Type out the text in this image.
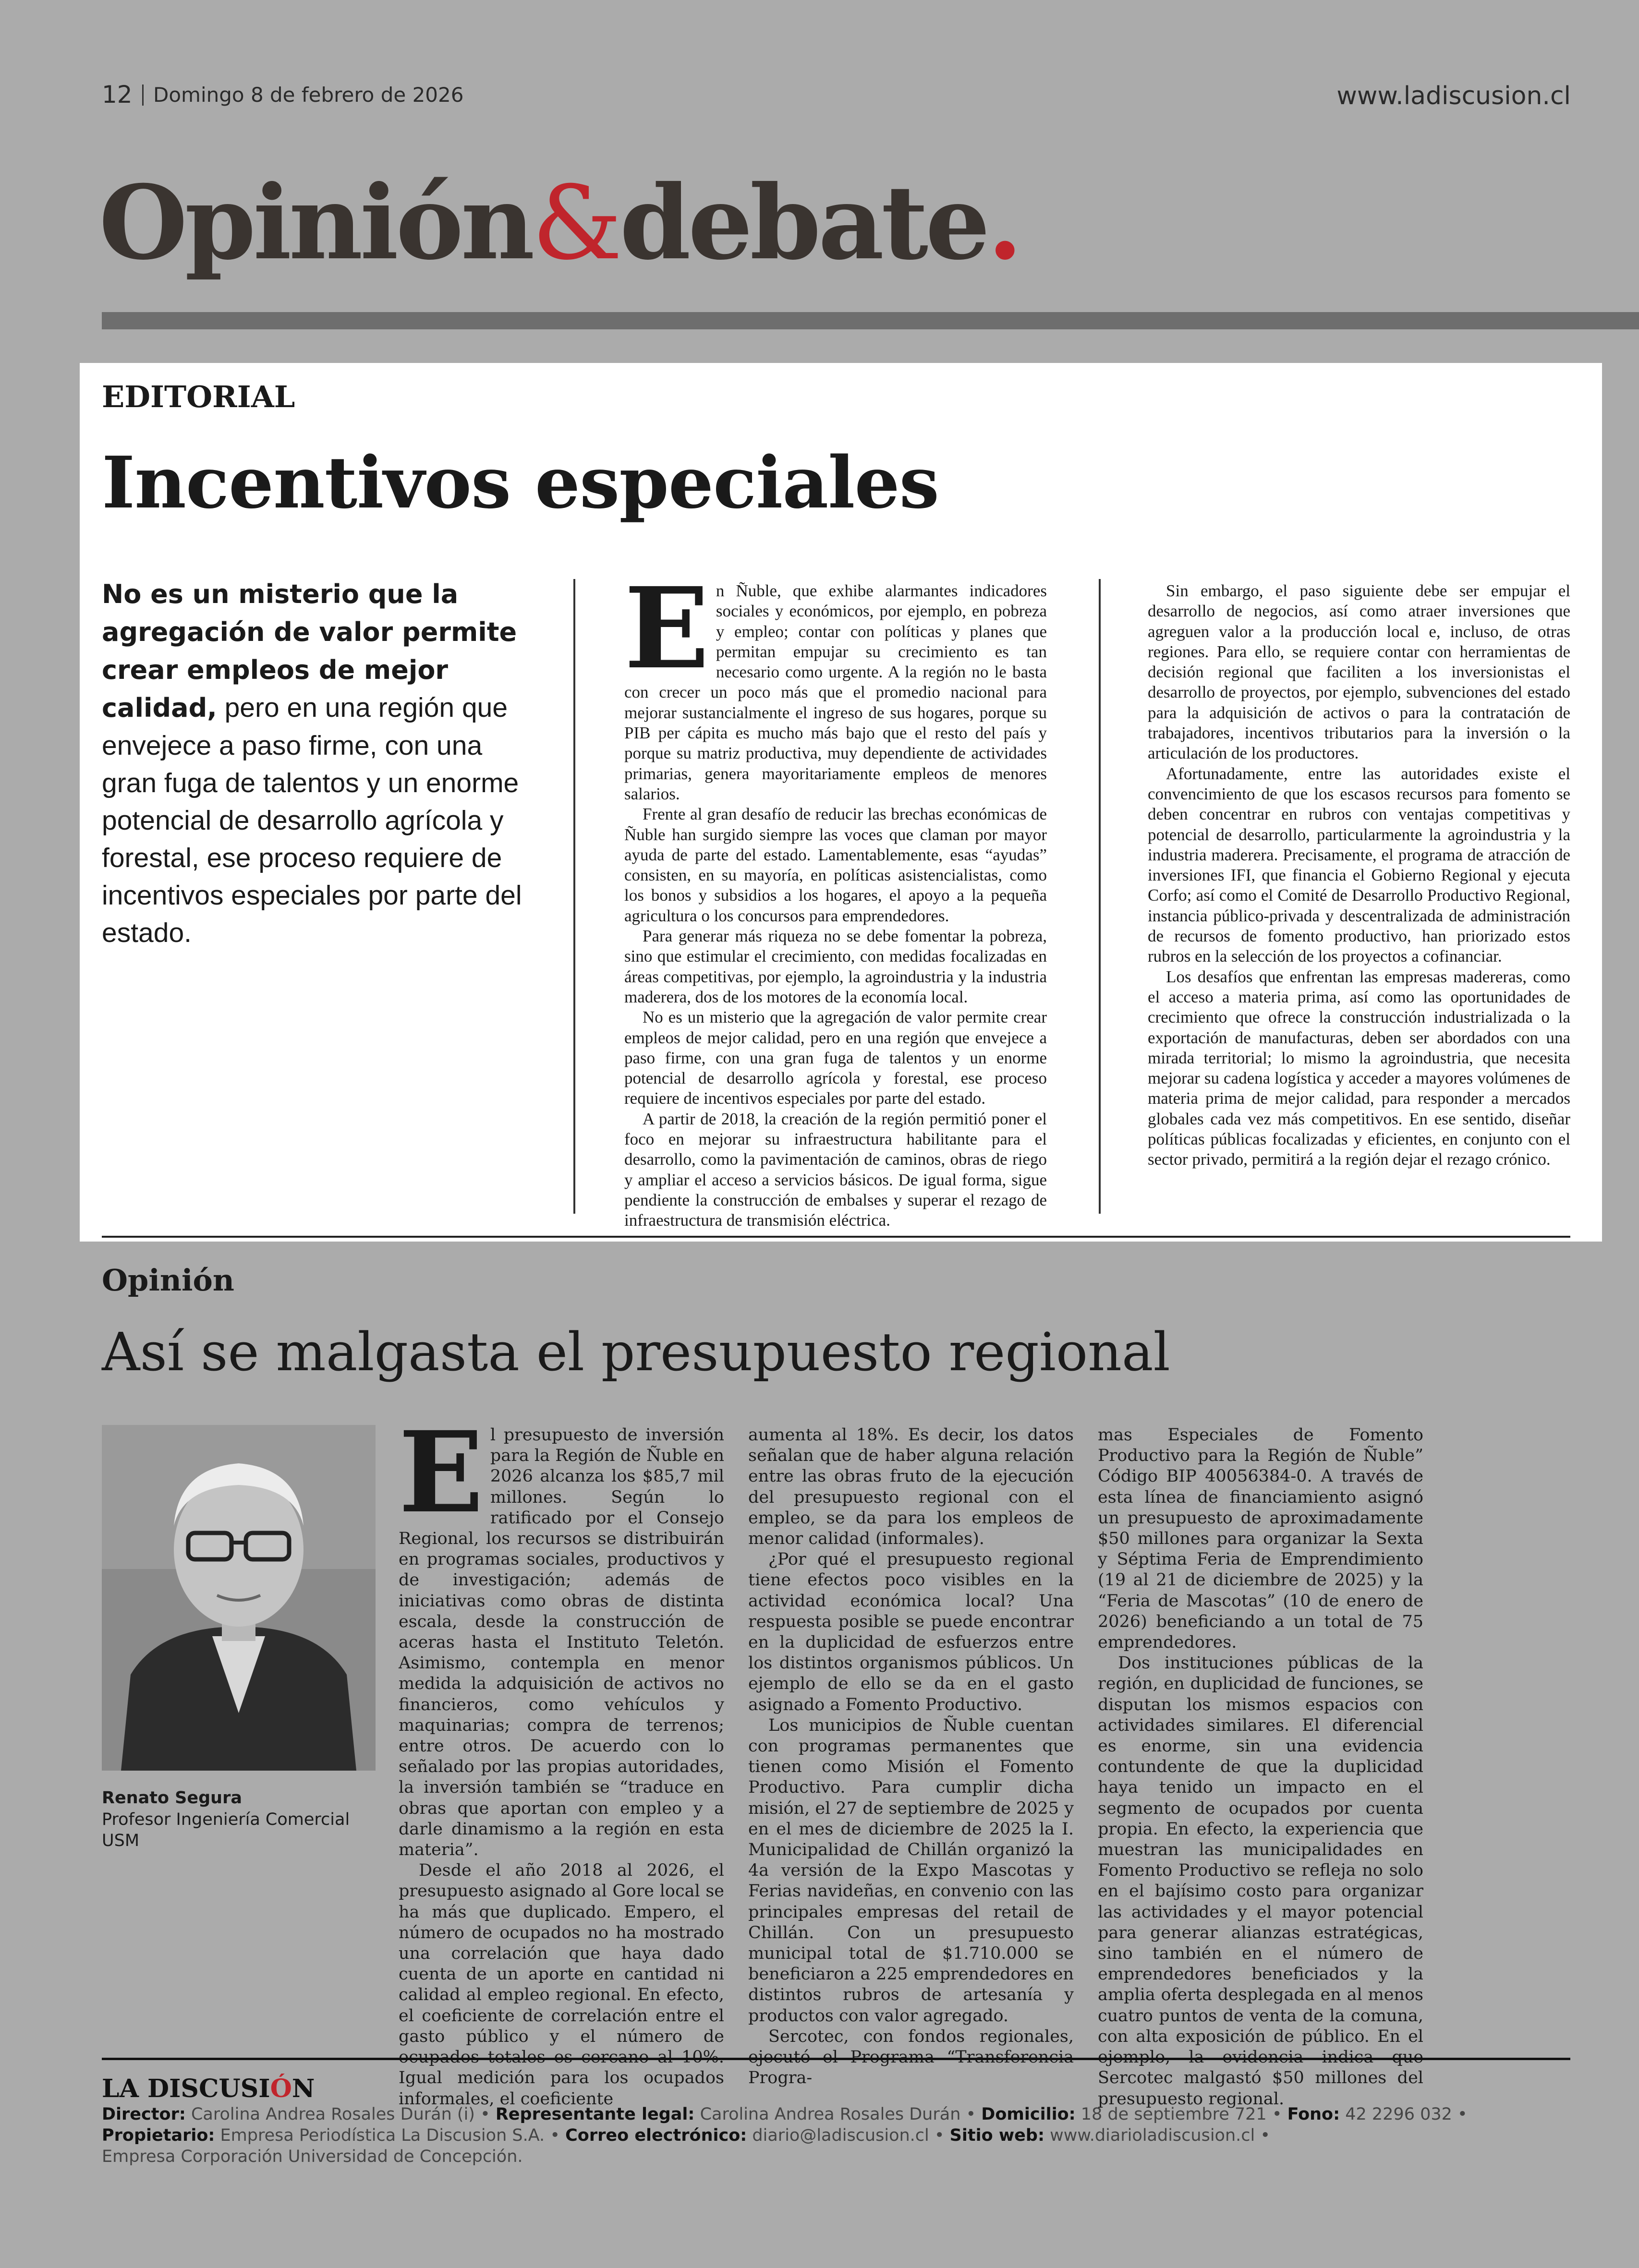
12	Domingo 8 de febrero de 2026	www.ladiscusion.cl
Opinión&debate.
EDITORIAL
Incentivos especiales
No es un misterio que la agregación de valor permite crear empleos de mejor calidad, pero en una región que envejece a paso firme, con una gran fuga de talentos y un enorme potencial de desarrollo agrícola y forestal, ese proceso requiere de incentivos especiales por parte del estado.

En Ñuble, que exhibe alarmantes indicadores sociales y económicos, por ejemplo, en pobreza y empleo; contar con políticas y planes que permitan empujar su crecimiento es tan necesario como urgente. A la región no le basta con crecer un poco más que el promedio nacional para mejorar sustancialmente el ingreso de sus hogares, porque su PIB per cápita es mucho más bajo que el resto del país y porque su matriz productiva, muy dependiente de actividades primarias, genera mayoritariamente empleos de menores salarios.

Frente al gran desafío de reducir las brechas económicas de Ñuble han surgido siempre las voces que claman por mayor ayuda de parte del estado. Lamentablemente, esas “ayudas” consisten, en su mayoría, en políticas asistencialistas, como los bonos y subsidios a los hogares, el apoyo a la pequeña agricultura o los concursos para emprendedores.

Para generar más riqueza no se debe fomentar la pobreza, sino que estimular el crecimiento, con medidas focalizadas en áreas competitivas, por ejemplo, la agroindustria y la industria maderera, dos de los motores de la economía local.

No es un misterio que la agregación de valor permite crear empleos de mejor calidad, pero en una región que envejece a paso firme, con una gran fuga de talentos y un enorme potencial de desarrollo agrícola y forestal, ese proceso requiere de incentivos especiales por parte del estado.

A partir de 2018, la creación de la región permitió poner el foco en mejorar su infraestructura habilitante para el desarrollo, como la pavimentación de caminos, obras de riego y ampliar el acceso a servicios básicos. De igual forma, sigue pendiente la construcción de embalses y superar el rezago de infraestructura de transmisión eléctrica.

Sin embargo, el paso siguiente debe ser empujar el desarrollo de negocios, así como atraer inversiones que agreguen valor a la producción local e, incluso, de otras regiones. Para ello, se requiere contar con herramientas de decisión regional que faciliten a los inversionistas el desarrollo de proyectos, por ejemplo, subvenciones del estado para la adquisición de activos o para la contratación de trabajadores, incentivos tributarios para la inversión o la articulación de los productores.

Afortunadamente, entre las autoridades existe el convencimiento de que los escasos recursos para fomento se deben concentrar en rubros con ventajas competitivas y potencial de desarrollo, particularmente la agroindustria y la industria maderera. Precisamente, el programa de atracción de inversiones IFI, que financia el Gobierno Regional y ejecuta Corfo; así como el Comité de Desarrollo Productivo Regional, instancia público-privada y descentralizada de administración de recursos de fomento productivo, han priorizado estos rubros en la selección de los proyectos a cofinanciar.

Los desafíos que enfrentan las empresas madereras, como el acceso a materia prima, así como las oportunidades de crecimiento que ofrece la construcción industrializada o la exportación de manufacturas, deben ser abordados con una mirada territorial; lo mismo la agroindustria, que necesita mejorar su cadena logística y acceder a mayores volúmenes de materia prima de mejor calidad, para responder a mercados globales cada vez más competitivos. En ese sentido, diseñar políticas públicas focalizadas y eficientes, en conjunto con el sector privado, permitirá a la región dejar el rezago crónico.

Opinión
Así se malgasta el presupuesto regional
Renato Segura
Profesor Ingeniería Comercial USM

El presupuesto de inversión para la Región de Ñuble en 2026 alcanza los $85,7 mil millones. Según lo ratificado por el Consejo Regional, los recursos se distribuirán en programas sociales, productivos y de investigación; además de iniciativas como obras de distinta escala, desde la construcción de aceras hasta el Instituto Teletón. Asimismo, contempla en menor medida la adquisición de activos no financieros, como vehículos y maquinarias; compra de terrenos; entre otros. De acuerdo con lo señalado por las propias autoridades, la inversión también se “traduce en obras que aportan con empleo y a darle dinamismo a la región en esta materia”.

Desde el año 2018 al 2026, el presupuesto asignado al Gore local se ha más que duplicado. Empero, el número de ocupados no ha mostrado una correlación que haya dado cuenta de un aporte en cantidad ni calidad al empleo regional. En efecto, el coeficiente de correlación entre el gasto público y el número de Igual medición para los ocupados informales, el coeficiente

aumenta al 18%. Es decir, los datos señalan que de haber alguna relación entre las obras fruto de la ejecución del presupuesto regional con el empleo, se da para los empleos de menor calidad (informales).

¿Por qué el presupuesto regional tiene efectos poco visibles en la actividad económica local? Una respuesta posible se puede encontrar en la duplicidad de esfuerzos entre los distintos organismos públicos. Un ejemplo de ello se da en el gasto asignado a Fomento Productivo.

Los municipios de Ñuble cuentan con programas permanentes que tienen como Misión el Fomento Productivo. Para cumplir dicha misión, el 27 de septiembre de 2025 y en el mes de diciembre de 2025 la I. Municipalidad de Chillán organizó la 4a versión de la Expo Mascotas y Ferias navideñas, en convenio con las principales empresas del retail de Chillán. Con un presupuesto municipal total de $1.710.000 se beneficiaron a 225 emprendedores en distintos rubros de artesanía y productos con valor agregado.

Sercotec, con fondos regionales, Progra-

mas Especiales de Fomento Productivo para la Región de Ñuble” Código BIP 40056384-0. A través de esta línea de financiamiento asignó un presupuesto de aproximadamente $50 millones para organizar la Sexta y Séptima Feria de Emprendimiento (19 al 21 de diciembre de 2025) y la “Feria de Mascotas” (10 de enero de 2026) beneficiando a un total de 75 emprendedores.

Dos instituciones públicas de la región, en duplicidad de funciones, se disputan los mismos espacios con actividades similares. El diferencial es enorme, sin una evidencia contundente de que la duplicidad haya tenido un impacto en el segmento de ocupados por cuenta propia. En efecto, la experiencia que muestran las municipalidades en Fomento Productivo se refleja no solo en el bajísimo costo para organizar las actividades y el mayor potencial para generar alianzas estratégicas, sino también en el número de emprendedores beneficiados y la amplia oferta desplegada en al menos cuatro puntos de venta de la comuna, con alta exposición de público. En el Sercotec malgastó $50 millones del presupuesto regional.

LA DISCUSIÓN
Director: Carolina Andrea Rosales Durán (i) • Representante legal: Carolina Andrea Rosales Durán • Domicilio: 18 de septiembre 721 • Fono: 42 2296 032 •
Propietario: Empresa Periodística La Discusion S.A. • Correo electrónico: diario@ladiscusion.cl • Sitio web: www.diarioladiscusion.cl •
Empresa Corporación Universidad de Concepción.
